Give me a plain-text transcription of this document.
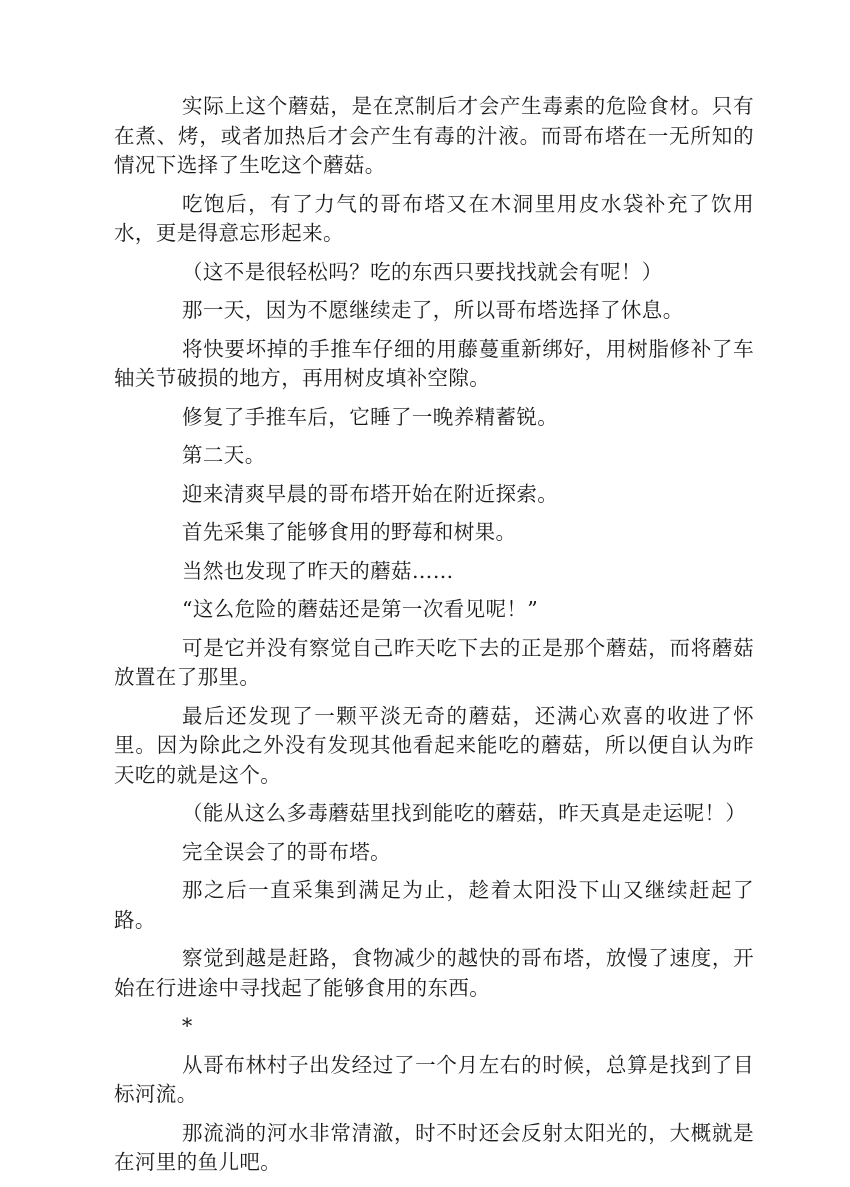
实际上这个蘑菇，是在烹制后才会产生毒素的危险食材。只有在煮、烤，或者加热后才会产生有毒的汁液。而哥布塔在一无所知的情况下选择了生吃这个蘑菇。

吃饱后，有了力气的哥布塔又在木洞里用皮水袋补充了饮用水，更是得意忘形起来。

（这不是很轻松吗？吃的东西只要找找就会有呢！）

那一天，因为不愿继续走了，所以哥布塔选择了休息。

将快要坏掉的手推车仔细的用藤蔓重新绑好，用树脂修补了车轴关节破损的地方，再用树皮填补空隙。

修复了手推车后，它睡了一晚养精蓄锐。

第二天。

迎来清爽早晨的哥布塔开始在附近探索。

首先采集了能够食用的野莓和树果。

当然也发现了昨天的蘑菇……

“这么危险的蘑菇还是第一次看见呢！”

可是它并没有察觉自己昨天吃下去的正是那个蘑菇，而将蘑菇放置在了那里。

最后还发现了一颗平淡无奇的蘑菇，还满心欢喜的收进了怀里。因为除此之外没有发现其他看起来能吃的蘑菇，所以便自认为昨天吃的就是这个。

（能从这么多毒蘑菇里找到能吃的蘑菇，昨天真是走运呢！）

完全误会了的哥布塔。

那之后一直采集到满足为止，趁着太阳没下山又继续赶起了路。

察觉到越是赶路，食物减少的越快的哥布塔，放慢了速度，开始在行进途中寻找起了能够食用的东西。

*

从哥布林村子出发经过了一个月左右的时候，总算是找到了目标河流。

那流淌的河水非常清澈，时不时还会反射太阳光的，大概就是在河里的鱼儿吧。
